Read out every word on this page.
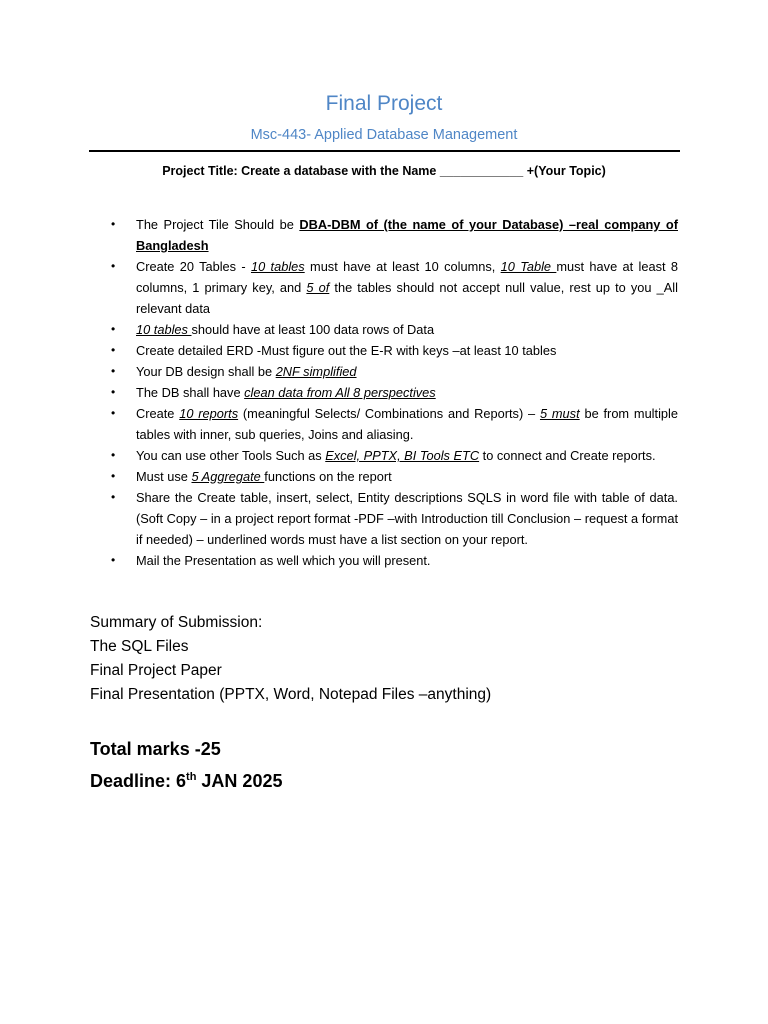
Final Project
Msc-443- Applied Database Management
Project Title: Create a database with the Name ____________ +(Your Topic)
• The Project Tile Should be DBA-DBM of (the name of your Database) –real company of Bangladesh
• Create 20 Tables - 10 tables must have at least 10 columns, 10 Table must have at least 8 columns, 1 primary key, and 5 of the tables should not accept null value, rest up to you _All relevant data
• 10 tables should have at least 100 data rows of Data
• Create detailed ERD -Must figure out the E-R with keys –at least 10 tables
• Your DB design shall be 2NF simplified
• The DB shall have clean data from All 8 perspectives
• Create 10 reports (meaningful Selects/ Combinations and Reports) – 5 must be from multiple tables with inner, sub queries, Joins and aliasing.
• You can use other Tools Such as Excel, PPTX, BI Tools ETC to connect and Create reports.
• Must use 5 Aggregate functions on the report
• Share the Create table, insert, select, Entity descriptions SQLS in word file with table of data. (Soft Copy – in a project report format -PDF –with Introduction till Conclusion – request a format if needed) – underlined words must have a list section on your report.
• Mail the Presentation as well which you will present.
Summary of Submission:
The SQL Files
Final Project Paper
Final Presentation (PPTX, Word, Notepad Files –anything)
Total marks -25
Deadline: 6th JAN 2025
